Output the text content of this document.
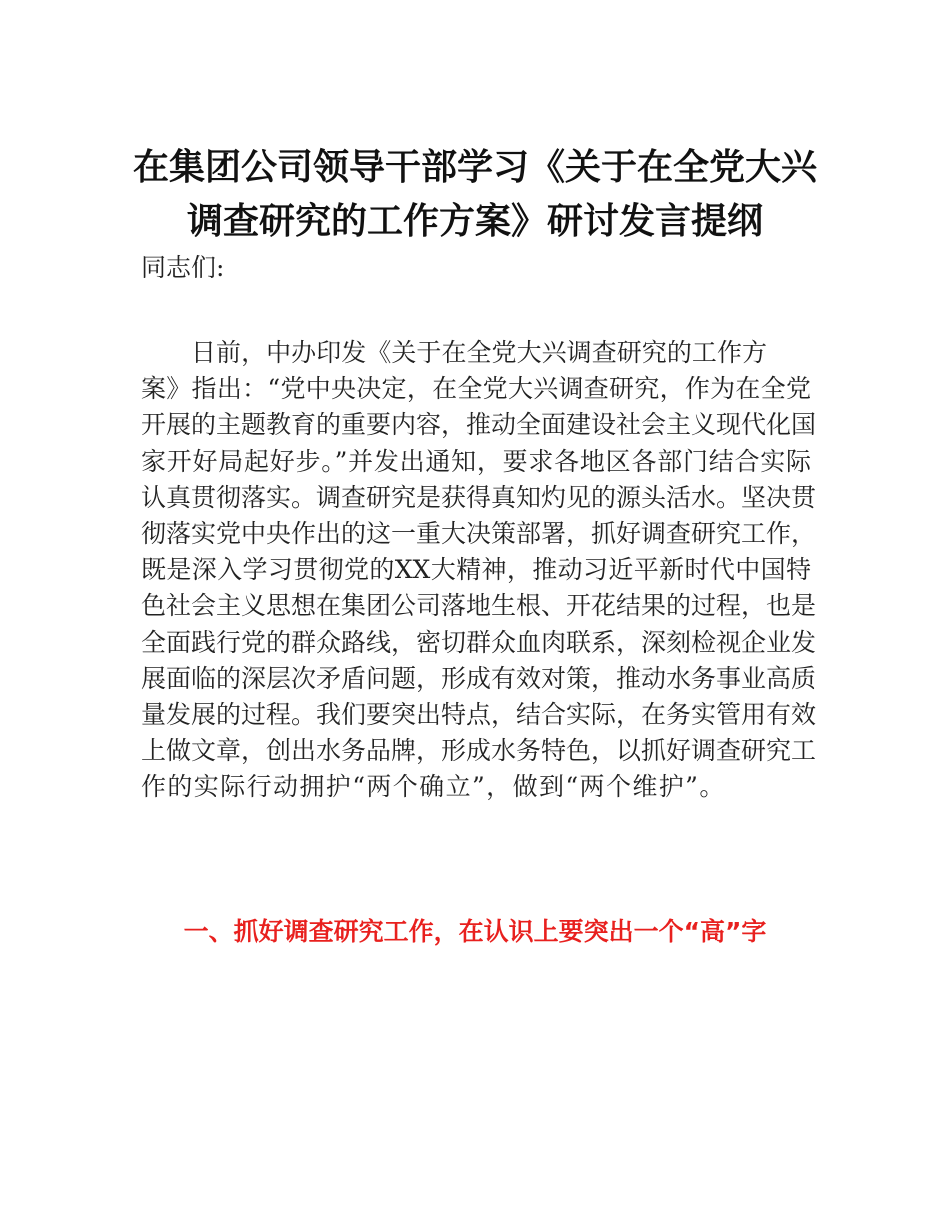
在集团公司领导干部学习《关于在全党大兴
调查研究的工作方案》研讨发言提纲

同志们:

日前，中办印发《关于在全党大兴调查研究的工作方
案》指出：“党中央决定，在全党大兴调查研究，作为在全党
开展的主题教育的重要内容，推动全面建设社会主义现代化国
家开好局起好步。”并发出通知，要求各地区各部门结合实际
认真贯彻落实。调查研究是获得真知灼见的源头活水。坚决贯
彻落实党中央作出的这一重大决策部署，抓好调查研究工作，
既是深入学习贯彻党的XX大精神，推动习近平新时代中国特
色社会主义思想在集团公司落地生根、开花结果的过程，也是
全面践行党的群众路线，密切群众血肉联系，深刻检视企业发
展面临的深层次矛盾问题，形成有效对策，推动水务事业高质
量发展的过程。我们要突出特点，结合实际，在务实管用有效
上做文章，创出水务品牌，形成水务特色，以抓好调查研究工
作的实际行动拥护“两个确立”，做到“两个维护”。
一、抓好调查研究工作，在认识上要突出一个“高”字
